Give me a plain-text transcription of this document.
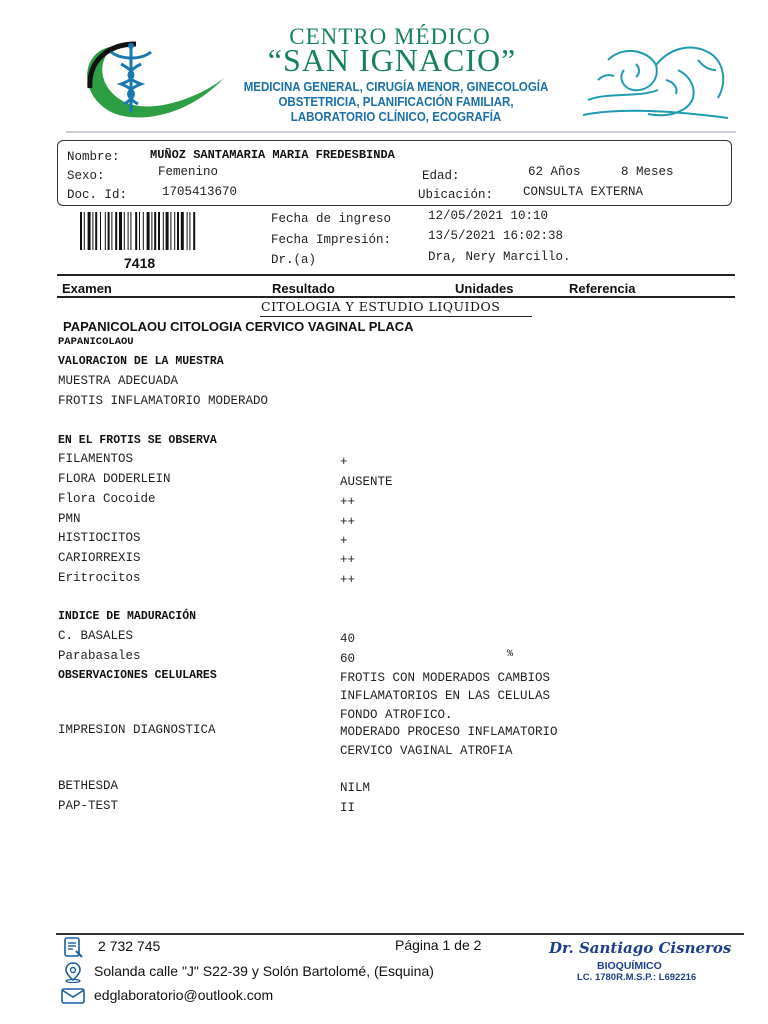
CENTRO MÉDICO
“SAN IGNACIO”
MEDICINA GENERAL, CIRUGÍA MENOR, GINECOLOGÍA
OBSTETRICIA, PLANIFICACIÓN FAMILIAR,
LABORATORIO CLÍNICO, ECOGRAFÍA
Nombre:	MUÑOZ SANTAMARIA MARIA FREDESBINDA
Sexo:	Femenino
Doc. Id:	1705413670
Edad:	62 Años	8 Meses
Ubicación: CONSULTA EXTERNA
7418
Fecha de ingreso	12/05/2021 10:10
Fecha Impresión:	13/5/2021 16:02:38
Dr.(a)	Dra, Nery Marcillo.
Examen	Resultado	Unidades	Referencia
CITOLOGIA Y ESTUDIO LIQUIDOS
PAPANICOLAOU CITOLOGIA CERVICO VAGINAL PLACA
PAPANICOLAOU
VALORACION DE LA MUESTRA
MUESTRA ADECUADA
FROTIS INFLAMATORIO MODERADO
EN EL FROTIS SE OBSERVA
FILAMENTOS	+
FLORA DODERLEIN	AUSENTE
Flora Cocoide	++
PMN	++
HISTIOCITOS	+
CARIORREXIS	++
Eritrocitos	++
INDICE DE MADURACIÓN
C. BASALES	40
Parabasales	60	%
OBSERVACIONES CELULARES	FROTIS CON MODERADOS CAMBIOS
INFLAMATORIOS EN LAS CELULAS
FONDO ATROFICO.
IMPRESION DIAGNOSTICA	MODERADO PROCESO INFLAMATORIO
CERVICO VAGINAL ATROFIA
BETHESDA	NILM
PAP-TEST	II
2 732 745	Página 1 de 2
Solanda calle "J" S22-39 y Solón Bartolomé, (Esquina)
edglaboratorio@outlook.com
Dr. Santiago Cisneros
BIOQUÍMICO
LC. 1780R.M.S.P.: L692216
